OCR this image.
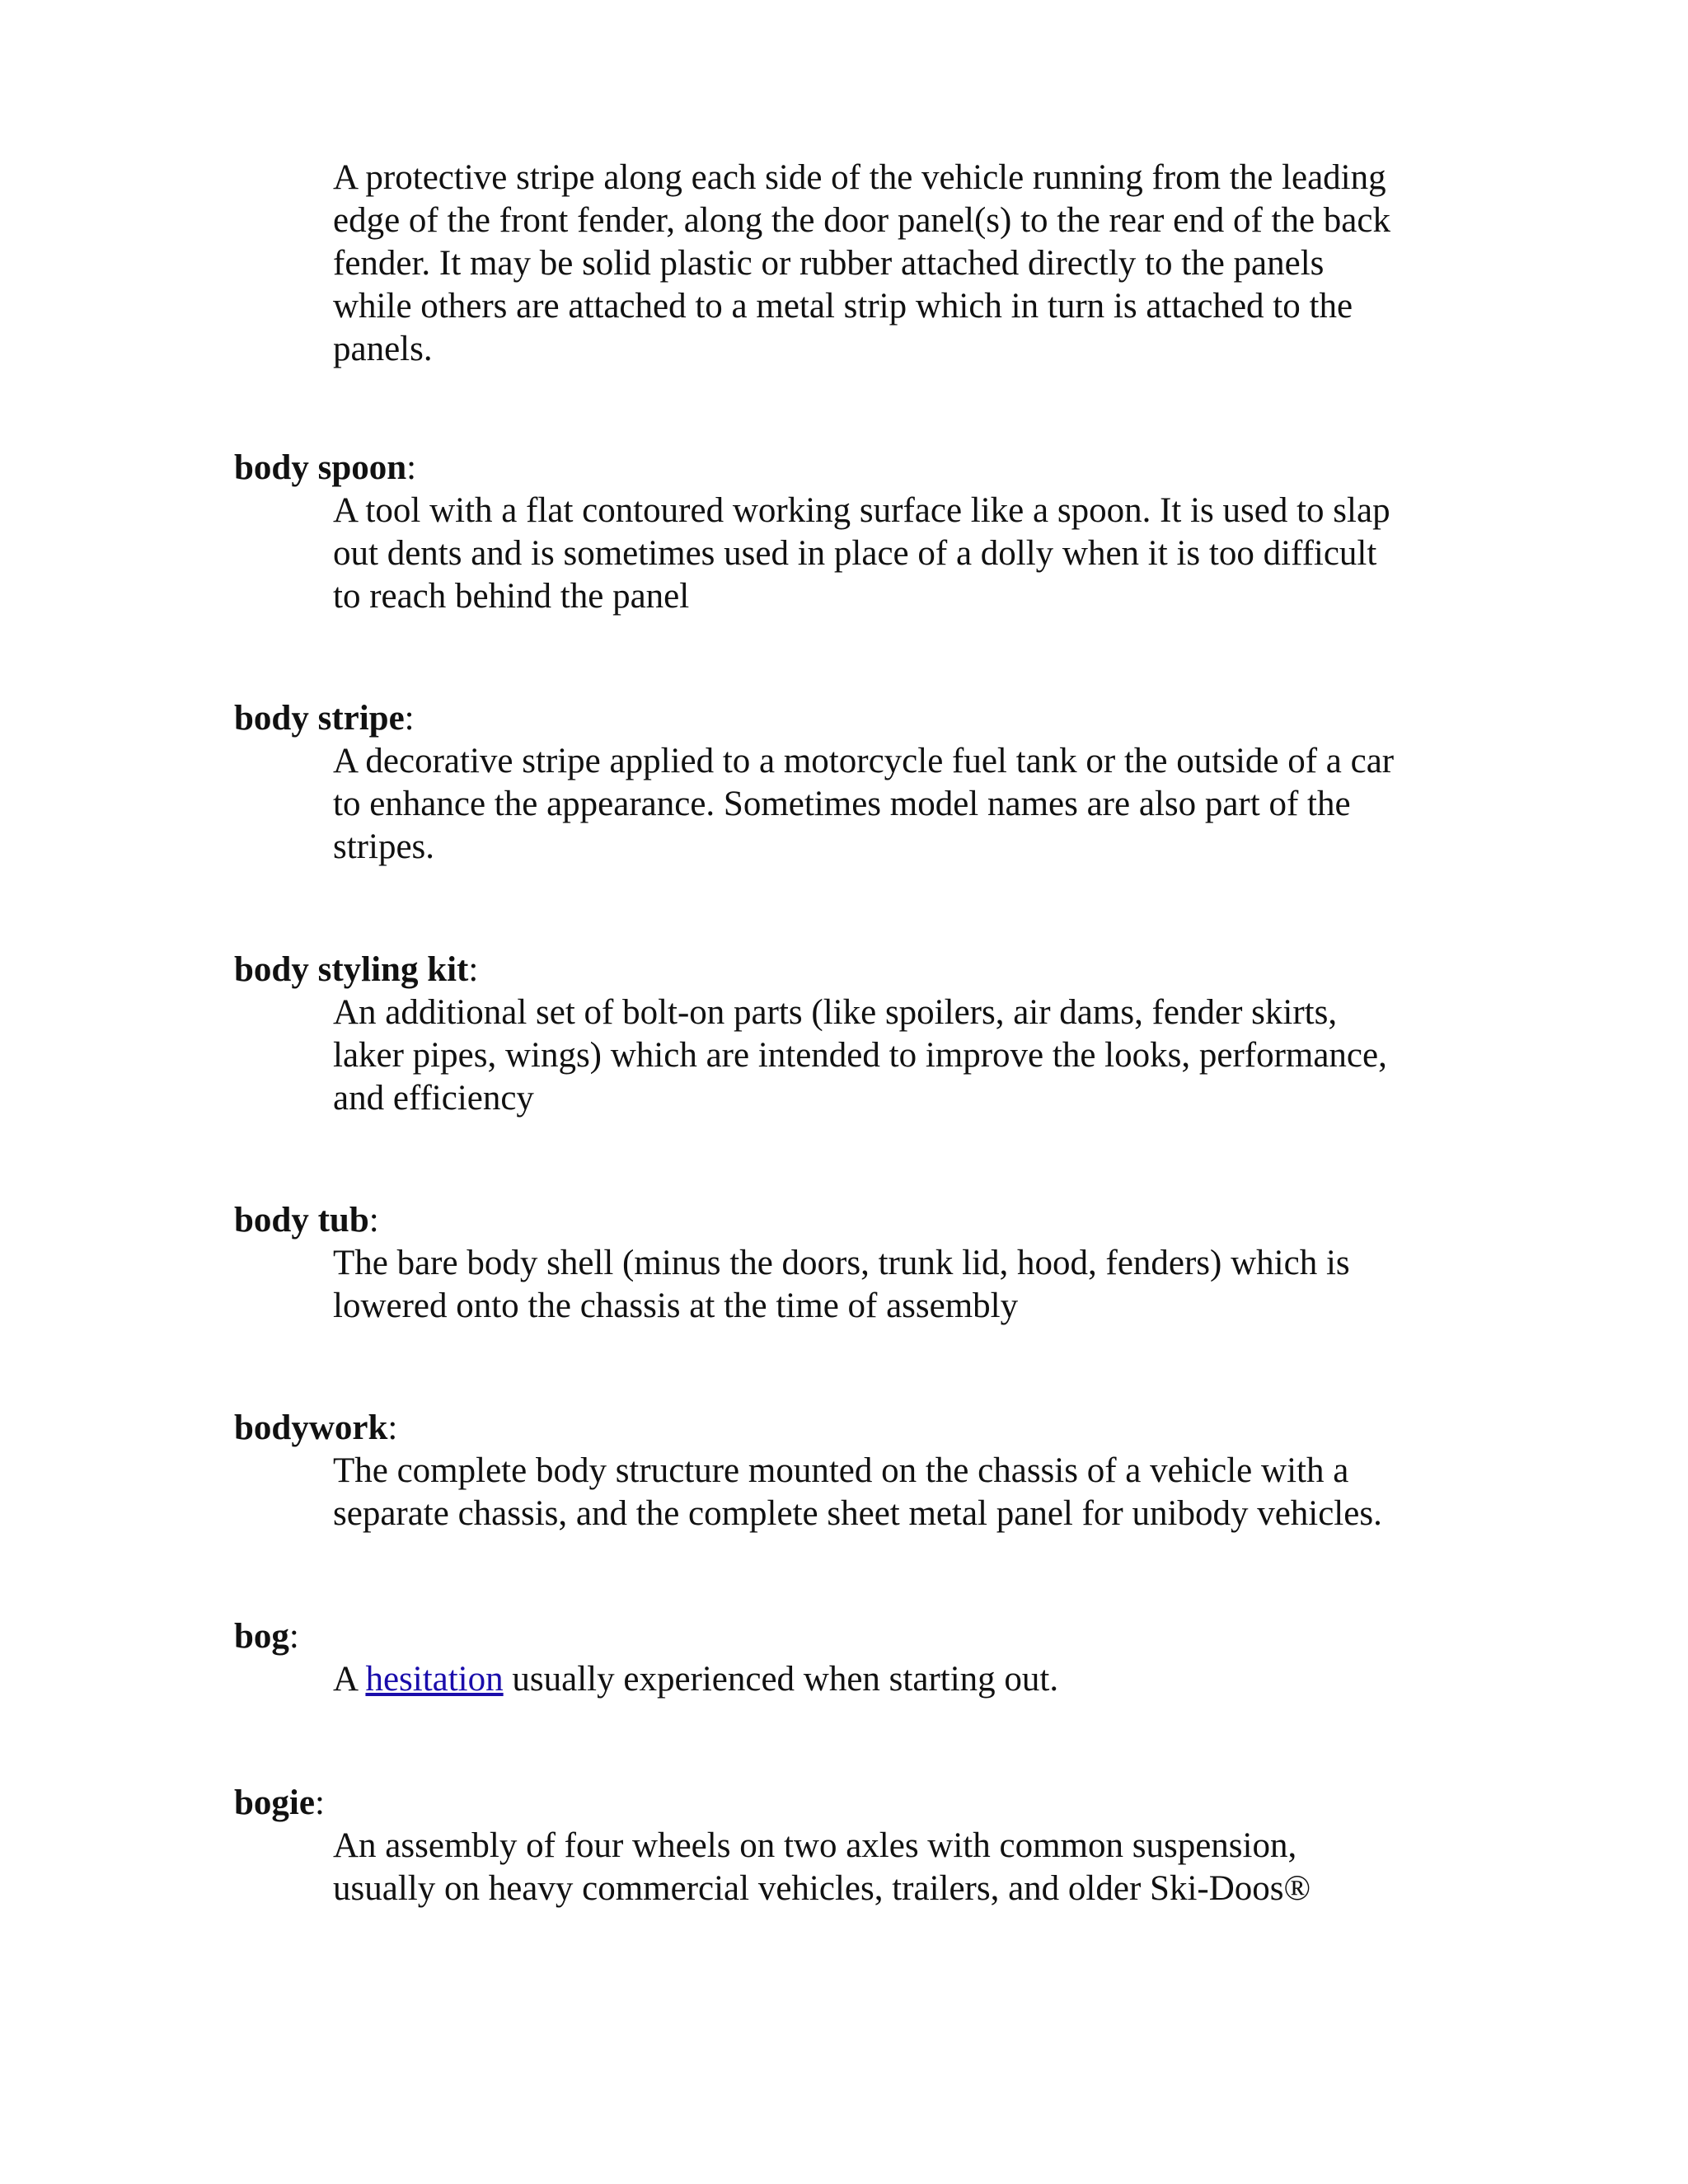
A protective stripe along each side of the vehicle running from the leading
edge of the front fender, along the door panel(s) to the rear end of the back
fender. It may be solid plastic or rubber attached directly to the panels
while others are attached to a metal strip which in turn is attached to the
panels.
body spoon:
A tool with a flat contoured working surface like a spoon. It is used to slap
out dents and is sometimes used in place of a dolly when it is too difficult
to reach behind the panel
body stripe:
A decorative stripe applied to a motorcycle fuel tank or the outside of a car
to enhance the appearance. Sometimes model names are also part of the
stripes.
body styling kit:
An additional set of bolt-on parts (like spoilers, air dams, fender skirts,
laker pipes, wings) which are intended to improve the looks, performance,
and efficiency
body tub:
The bare body shell (minus the doors, trunk lid, hood, fenders) which is
lowered onto the chassis at the time of assembly
bodywork:
The complete body structure mounted on the chassis of a vehicle with a
separate chassis, and the complete sheet metal panel for unibody vehicles.
bog:
A hesitation usually experienced when starting out.
bogie:
An assembly of four wheels on two axles with common suspension,
usually on heavy commercial vehicles, trailers, and older Ski-Doos®
